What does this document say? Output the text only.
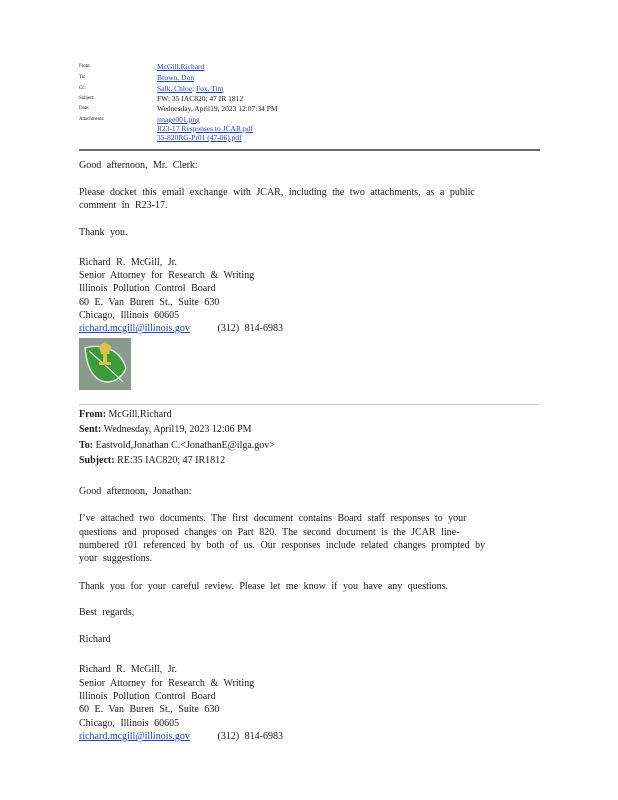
From:	McGill,Richard
To:	Brown, Don
Cc:	Salk, Chloe; Fox, Tim
Subject:	FW: 35 IAC820; 47 IR 1812
Date:	Wednesday, April19, 2023 12:07:34 PM
Attachments:	image001.png
R23-17 Responses to JCAR.pdf
35-820RG-Pr01 (47-06).pdf
Good afternoon, Mr. Clerk:
Please docket this email exchange with JCAR, including the two attachments, as a public
comment in R23-17.
Thank you.
Richard R. McGill, Jr.
Senior Attorney for Research & Writing
Illinois Pollution Control Board
60 E. Van Buren St., Suite 630
Chicago, Illinois 60605
richard.mcgill@illinois.gov	(312) 814-6983
From: McGill,Richard
Sent: Wednesday, April19, 2023 12:06 PM
To: Eastvold,Jonathan C.<JonathanE@ilga.gov>
Subject: RE:35 IAC820; 47 IR1812
Good afternoon, Jonathan:
I’ve attached two documents. The first document contains Board staff responses to your
questions and proposed changes on Part 820. The second document is the JCAR line-
numbered r01 referenced by both of us. Our responses include related changes prompted by
your suggestions.
Thank you for your careful review. Please let me know if you have any questions.
Best regards,
Richard
Richard R. McGill, Jr.
Senior Attorney for Research & Writing
Illinois Pollution Control Board
60 E. Van Buren St., Suite 630
Chicago, Illinois 60605
richard.mcgill@illinois.gov	(312) 814-6983
